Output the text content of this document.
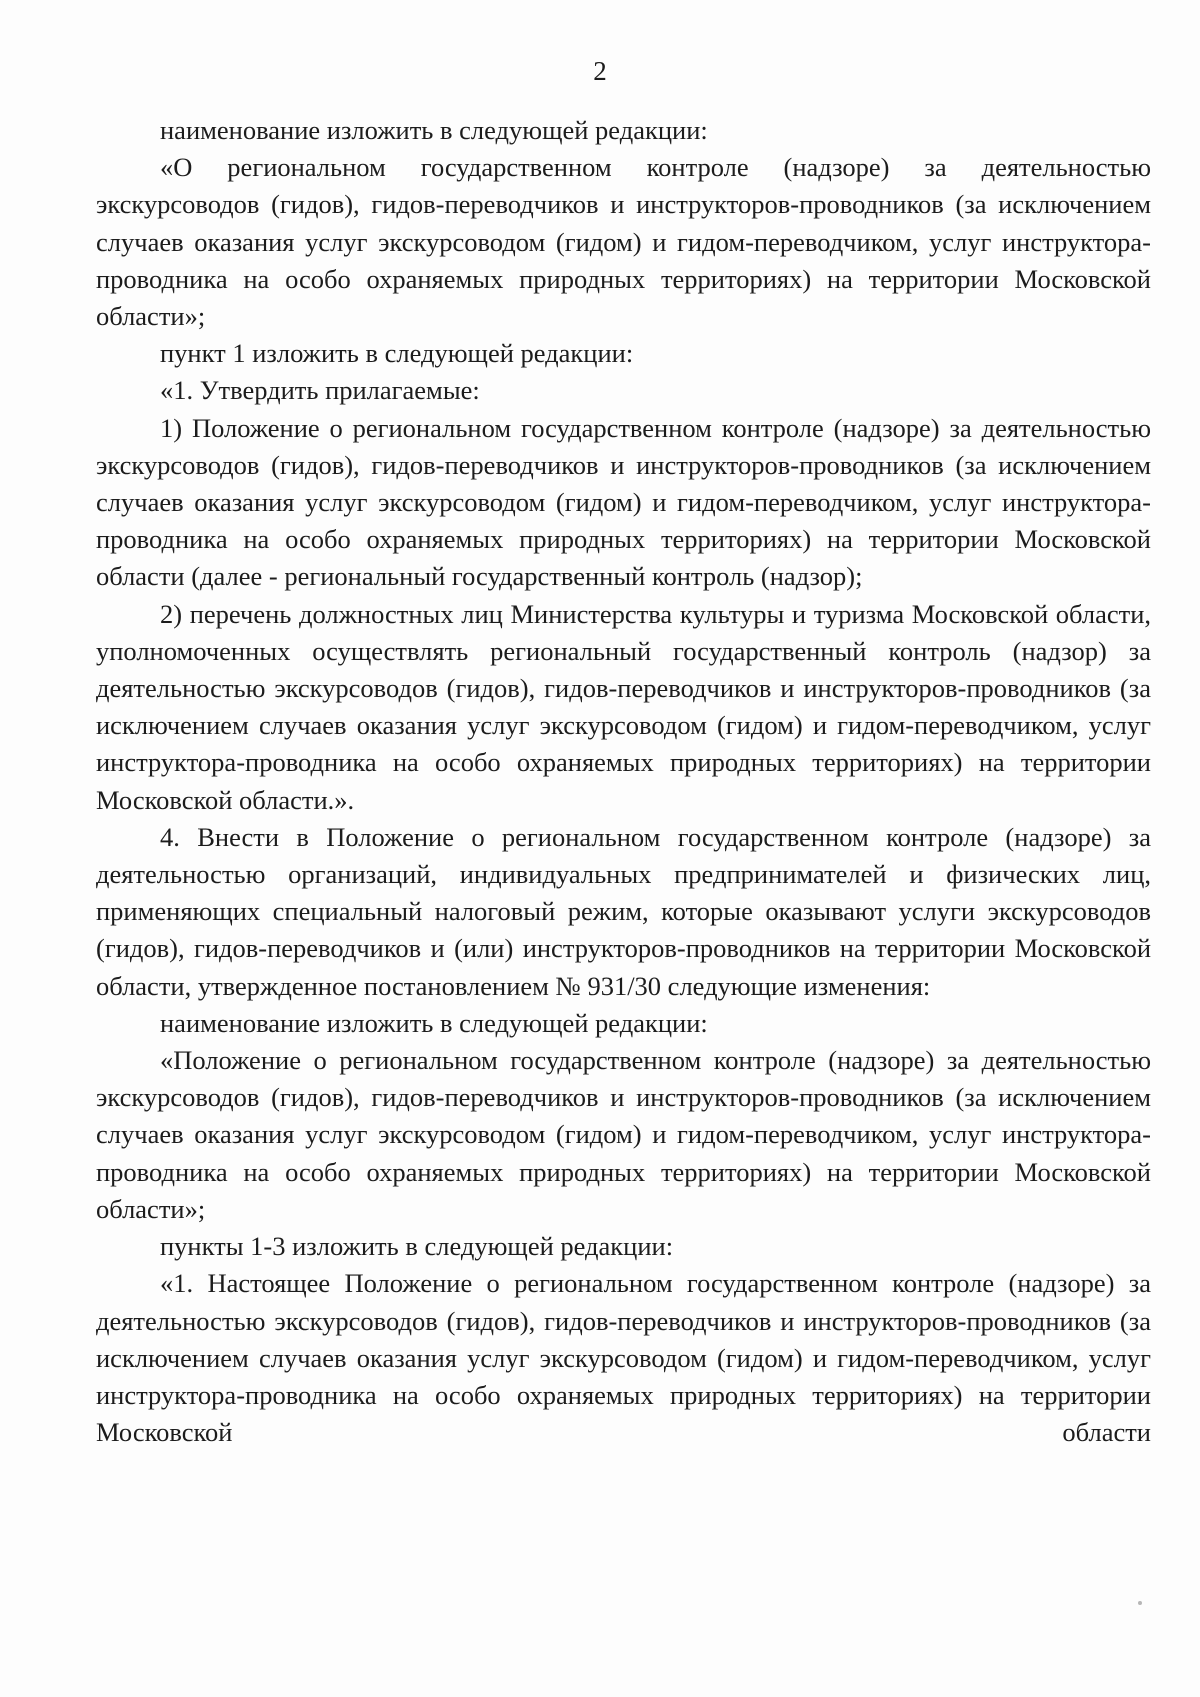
2

наименование изложить в следующей редакции:

«О региональном государственном контроле (надзоре) за деятельностью экскурсоводов (гидов), гидов-переводчиков и инструкторов-проводников (за исключением случаев оказания услуг экскурсоводом (гидом) и гидом-переводчиком, услуг инструктора-проводника на особо охраняемых природных территориях) на территории Московской области»;

пункт 1 изложить в следующей редакции:

«1. Утвердить прилагаемые:

1) Положение о региональном государственном контроле (надзоре) за деятельностью экскурсоводов (гидов), гидов-переводчиков и инструкторов-проводников (за исключением случаев оказания услуг экскурсоводом (гидом) и гидом-переводчиком, услуг инструктора-проводника на особо охраняемых природных территориях) на территории Московской области (далее - региональный государственный контроль (надзор);

2) перечень должностных лиц Министерства культуры и туризма Московской области, уполномоченных осуществлять региональный государственный контроль (надзор) за деятельностью экскурсоводов (гидов), гидов-переводчиков и инструкторов-проводников (за исключением случаев оказания услуг экскурсоводом (гидом) и гидом-переводчиком, услуг инструктора-проводника на особо охраняемых природных территориях) на территории Московской области.».

4. Внести в Положение о региональном государственном контроле (надзоре) за деятельностью организаций, индивидуальных предпринимателей и физических лиц, применяющих специальный налоговый режим, которые оказывают услуги экскурсоводов (гидов), гидов-переводчиков и (или) инструкторов-проводников на территории Московской области, утвержденное постановлением № 931/30 следующие изменения:

наименование изложить в следующей редакции:

«Положение о региональном государственном контроле (надзоре) за деятельностью экскурсоводов (гидов), гидов-переводчиков и инструкторов-проводников (за исключением случаев оказания услуг экскурсоводом (гидом) и гидом-переводчиком, услуг инструктора-проводника на особо охраняемых природных территориях) на территории Московской области»;

пункты 1-3 изложить в следующей редакции:

«1. Настоящее Положение о региональном государственном контроле (надзоре) за деятельностью экскурсоводов (гидов), гидов-переводчиков и инструкторов-проводников (за исключением случаев оказания услуг экскурсоводом (гидом) и гидом-переводчиком, услуг инструктора-проводника на особо охраняемых природных территориях) на территории Московской области
